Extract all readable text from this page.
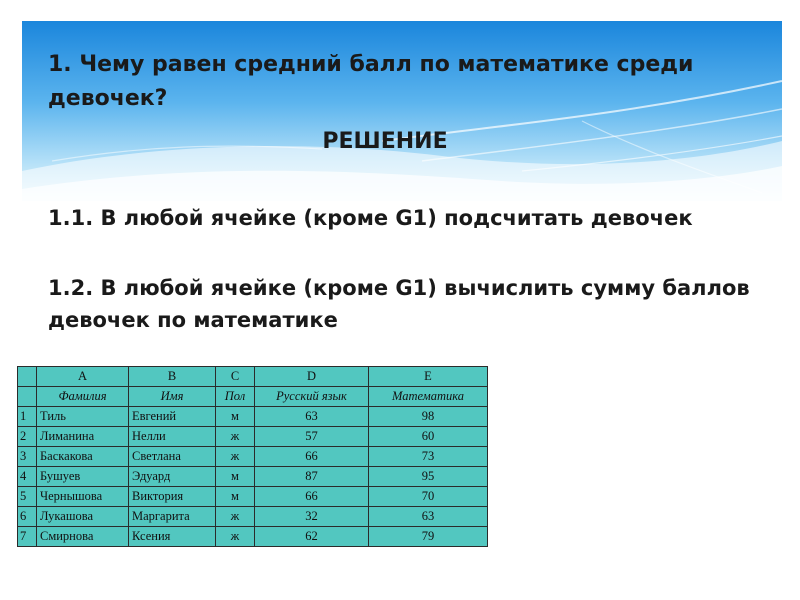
1. Чему равен средний балл по математике среди девочек?
РЕШЕНИЕ
1.1. В любой ячейке (кроме G1) подсчитать девочек
1.2. В любой ячейке (кроме G1) вычислить сумму баллов девочек по математике
	A	B	C	D	E
	Фамилия	Имя	Пол	Русский язык	Математика
1	Тиль	Евгений	м	63	98
2	Лиманина	Нелли	ж	57	60
3	Баскакова	Светлана	ж	66	73
4	Бушуев	Эдуард	м	87	95
5	Чернышова	Виктория	м	66	70
6	Лукашова	Маргарита	ж	32	63
7	Смирнова	Ксения	ж	62	79
